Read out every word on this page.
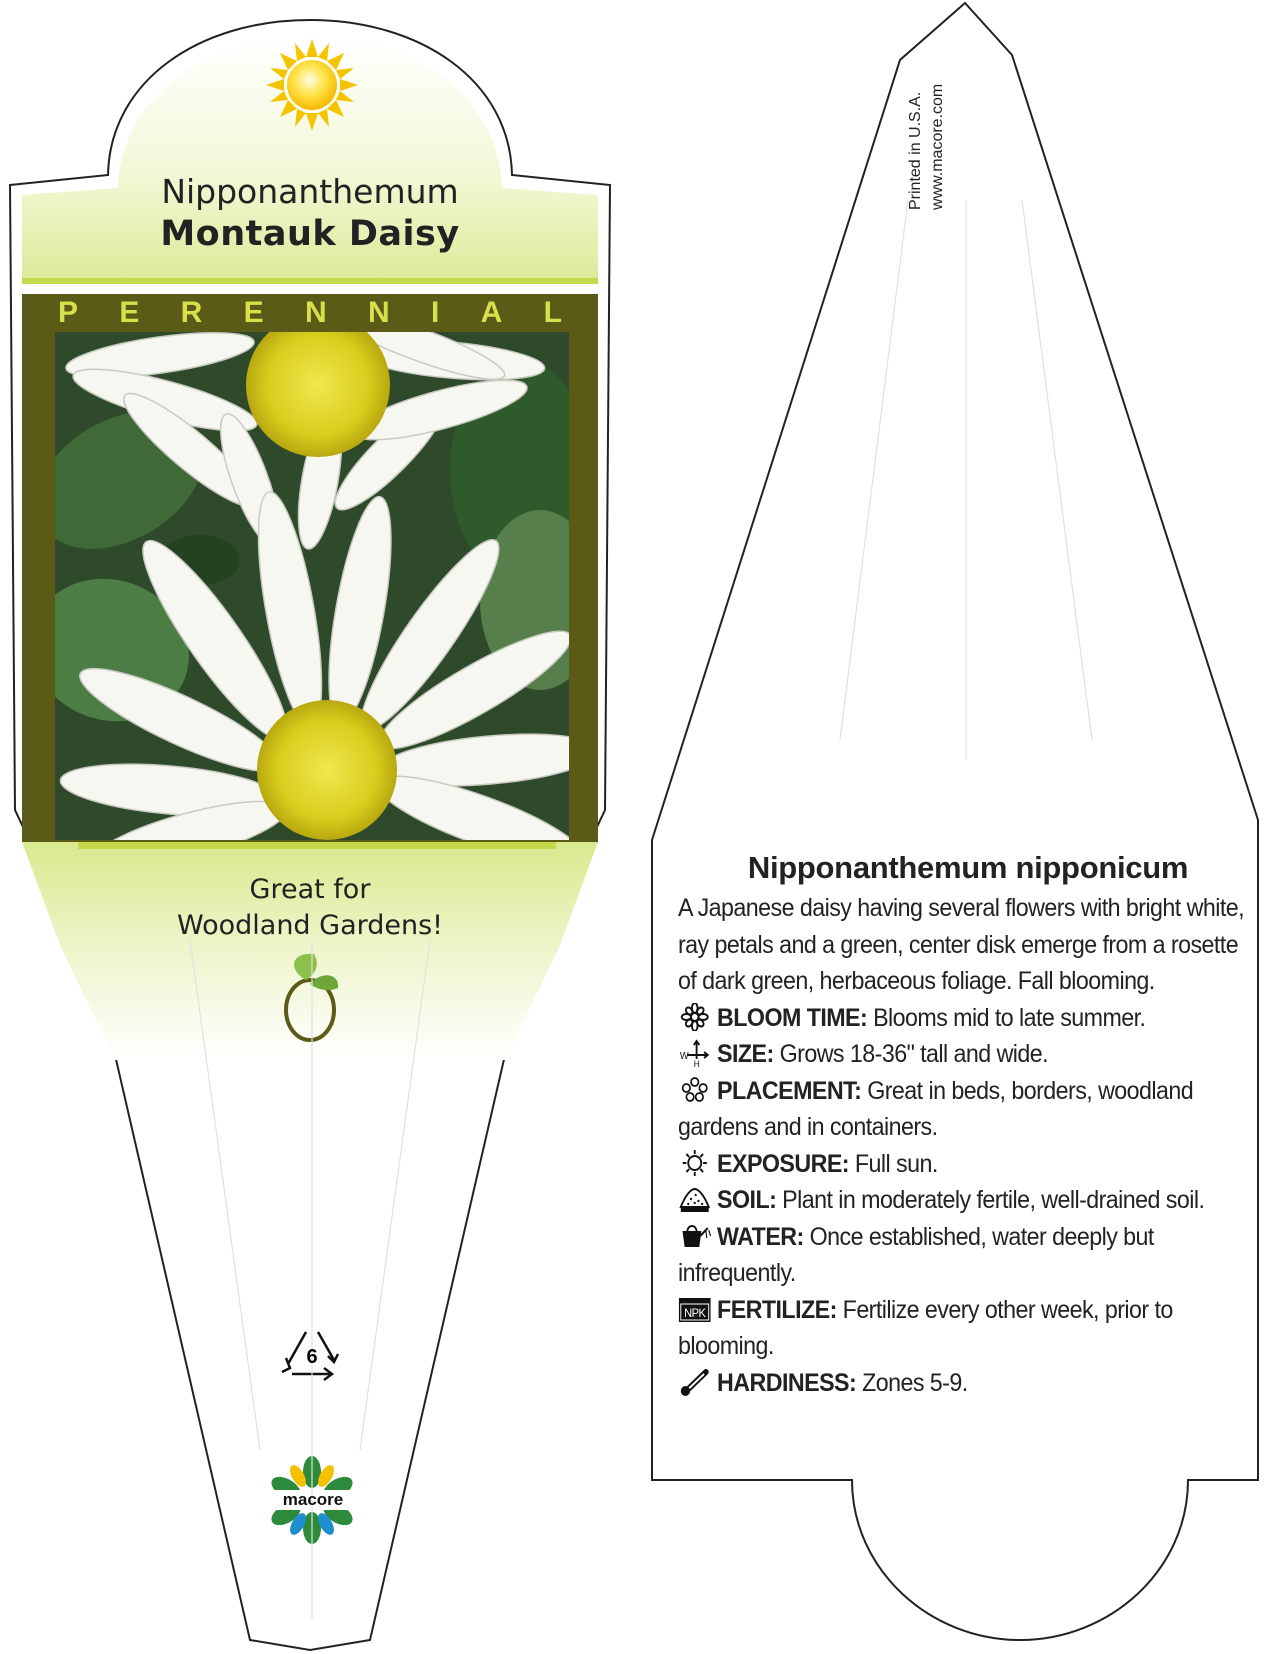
Nipponanthemum
Montauk Daisy
P E R E N N I A L
Great for
Woodland Gardens!
6
macore
Printed in U.S.A. www.macore.com
Nipponanthemum nipponicum

A Japanese daisy having several flowers with bright white, ray petals and a green, center disk emerge from a rosette of dark green, herbaceous foliage. Fall blooming.

BLOOM TIME: Blooms mid to late summer.

W
H SIZE: Grows 18-36" tall and wide.

PLACEMENT: Great in beds, borders, woodland gardens and in containers.

EXPOSURE: Full sun.

SOIL: Plant in moderately fertile, well-drained soil.

WATER: Once established, water deeply but infrequently.

NPK FERTILIZE: Fertilize every other week, prior to blooming.

HARDINESS: Zones 5-9.
